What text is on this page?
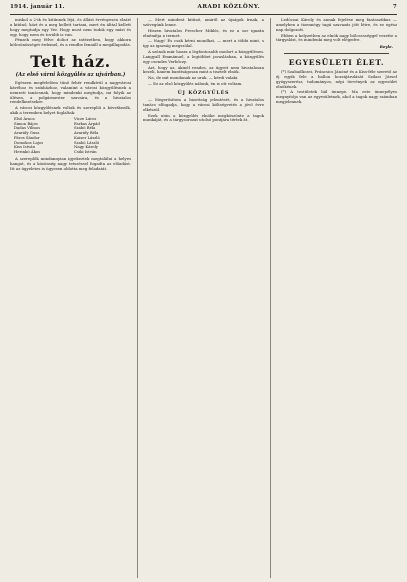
1914. január 11.	ARADI KÖZLÖNY.	7

miskol a 2-ik és kitűnnek léjá, és állást érvényesen elzárt a kitűnő, közt és a meg kellett tartani, mert én álttal kellett hogy megtudja egy Ver. Hogy most nem tudok egy mást és egy, hogy ezen és tovább is van.

Pénzek meg félve doliot az intézetben, hogy akkora kölcsönösséget érdemel, és a rendbe fennáll a megállapodás.

Telt ház.
(Az első várni közgyűlés az ujvárban.)

Egészen megfelelően tűnő fehér rendkívül a nagyvárosi kávéhoz és színházhoz, valamint a városi közgyűlésnek a nemzeti tanácsnak, hogy mindenki megtudja, mi folyik az ülésen, a polgármester szavaira, és a hivatalos rendelkezésekre.

A városi közgyűlésnek voltak és szereplői a következők, akik a teremben helyet foglaltak:

Első Árnos	Vicze Láros
Simon Bájos	Farkas Árpád
Dadas Vilmos	Szabó Béla
Avaráfy Gusz.	Avaráfy Béla
Fáros Sándor	Kaiser László
Domokos Lajos	Szabó László
Kiss István	Nagy Károly
Herinkó Ákos	Csiki István

A szereplők mindannyian igyekeztek megtalálni a helyes hangot, és a közönség nagy tetszéssel fogadta az előadást. Itt az ügyeletes is ügyesen oldotta meg feladatát.

— Mert mindent kitűnő, amiről az újságok írnak, a szövegünk lenne.

Hiszen hivatalos Prescher Miklós, és ez a sor igazán elnémítja a termet.

— Nagy! És csak kérni mondhat, — mert a többi mint, s így az igazság megszólal.

A szónok már hozza a legfontosabb modort a közgyűlésen. Langyall Emmánuel, a legtöbbet javaslásban, a közgyűlés egy csendes Verbőczy.

Azt, hogy az, akinél rendes, az ügyeit nem hivatalosan kezeli, hanem barátságosan mint a tisztelt elnök.

Na, de mit mondanak az urak. — kérdi valaki.

— Ez az első közgyűlés nálunk, én is ott voltam.

ÚJ KÖZGYŰLÉS

— Megerősítem a bizottság jelentését, és a hivatalos tanács elfogadja, hogy a városi költségvetés a jövő évre elkészül.

Ezek után a közgyűlés elnöke megköszönte a tagok munkáját, és a tárgysorozat utolsó pontjára tértek át.

Ledóczai Károly és annak fejelése meg fantasztikus — amelyben a tizennégy tagú szavazás jött létre, és ez egész nap dolgozott.

Ebben a helyzetben az elnök nagy bölcsességgel vezette a tárgyalást, és mindenki meg volt elégedve.

Beyle.
EGYESÜLETI ÉLET.

(*) Szabadliczei, Fráncsics Jánóné és a Kiss-féle szerető az éj egyik fele a ballon hozzájárulását Szilasi József gyógyszerész, tudományos, népi törvények az egyesület elnökének.

(*) A testületek bál ünnepe. Ma este ünnepélyes megnyitója van az egyesületnek, ahol a tagok nagy számban megjelennek.
